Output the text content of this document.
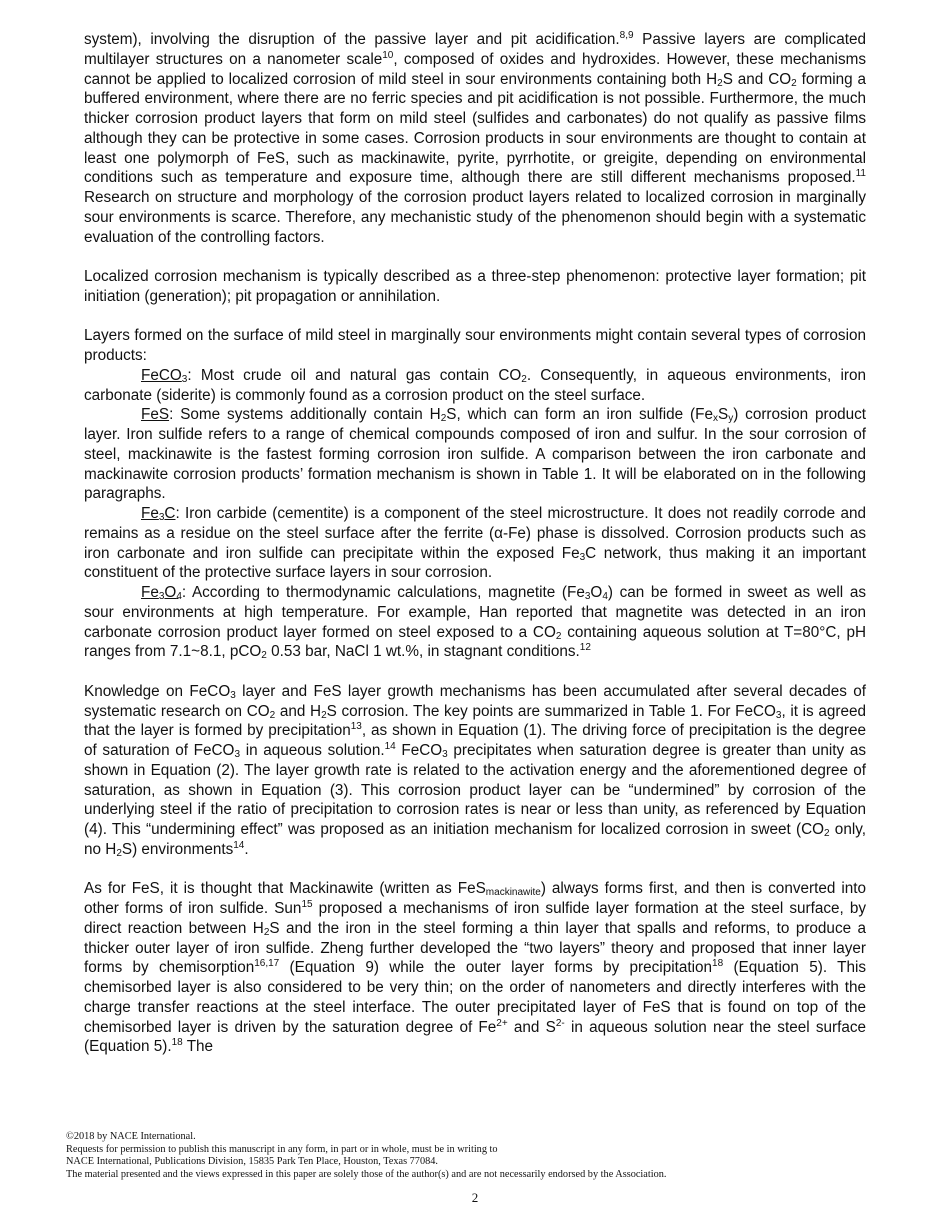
system), involving the disruption of the passive layer and pit acidification.$^{8,9}$ Passive layers are complicated multilayer structures on a nanometer scale$^{10}$, composed of oxides and hydroxides. However, these mechanisms cannot be applied to localized corrosion of mild steel in sour environments containing both $H_2S$ and $CO_2$ forming a buffered environment, where there are no ferric species and pit acidification is not possible. Furthermore, the much thicker corrosion product layers that form on mild steel (sulfides and carbonates) do not qualify as passive films although they can be protective in some cases. Corrosion products in sour environments are thought to contain at least one polymorph of FeS, such as mackinawite, pyrite, pyrrhotite, or greigite, depending on environmental conditions such as temperature and exposure time, although there are still different mechanisms proposed.$^{11}$ Research on structure and morphology of the corrosion product layers related to localized corrosion in marginally sour environments is scarce. Therefore, any mechanistic study of the phenomenon should begin with a systematic evaluation of the controlling factors.

Localized corrosion mechanism is typically described as a three-step phenomenon: protective layer formation; pit initiation (generation); pit propagation or annihilation.

Layers formed on the surface of mild steel in marginally sour environments might contain several types of corrosion products:

FeCO$_3$: Most crude oil and natural gas contain $CO_2$. Consequently, in aqueous environments, iron carbonate (siderite) is commonly found as a corrosion product on the steel surface.

FeS: Some systems additionally contain $H_2S$, which can form an iron sulfide $(Fe_xS_y)$ corrosion product layer. Iron sulfide refers to a range of chemical compounds composed of iron and sulfur. In the sour corrosion of steel, mackinawite is the fastest forming corrosion iron sulfide. A comparison between the iron carbonate and mackinawite corrosion products’ formation mechanism is shown in Table 1. It will be elaborated on in the following paragraphs.

$Fe_3C$: Iron carbide (cementite) is a component of the steel microstructure. It does not readily corrode and remains as a residue on the steel surface after the ferrite (α-Fe) phase is dissolved. Corrosion products such as iron carbonate and iron sulfide can precipitate within the exposed $Fe_3C$ network, thus making it an important constituent of the protective surface layers in sour corrosion.

$Fe_3O_4$: According to thermodynamic calculations, magnetite $(Fe_3O_4)$ can be formed in sweet as well as sour environments at high temperature. For example, Han reported that magnetite was detected in an iron carbonate corrosion product layer formed on steel exposed to a $CO_2$ containing aqueous solution at T=80°C, pH ranges from 7.1~8.1, pCO$_2$ 0.53 bar, NaCl 1 wt.%, in stagnant conditions.$^{12}$

Knowledge on FeCO$_3$ layer and FeS layer growth mechanisms has been accumulated after several decades of systematic research on $CO_2$ and $H_2S$ corrosion. The key points are summarized in Table 1. For FeCO$_3$, it is agreed that the layer is formed by precipitation$^{13}$, as shown in Equation (1). The driving force of precipitation is the degree of saturation of FeCO$_3$ in aqueous solution.$^{14}$ FeCO$_3$ precipitates when saturation degree is greater than unity as shown in Equation (2). The layer growth rate is related to the activation energy and the aforementioned degree of saturation, as shown in Equation (3). This corrosion product layer can be “undermined” by corrosion of the underlying steel if the ratio of precipitation to corrosion rates is near or less than unity, as referenced by Equation (4). This “undermining effect” was proposed as an initiation mechanism for localized corrosion in sweet ($CO_2$ only, no $H_2S$) environments$^{14}$.

As for FeS, it is thought that Mackinawite (written as FeS$_{mackinawite}$) always forms first, and then is converted into other forms of iron sulfide. Sun$^{15}$ proposed a mechanisms of iron sulfide layer formation at the steel surface, by direct reaction between $H_2S$ and the iron in the steel forming a thin layer that spalls and reforms, to produce a thicker outer layer of iron sulfide. Zheng further developed the “two layers” theory and proposed that inner layer forms by chemisorption$^{16,17}$ (Equation 9) while the outer layer forms by precipitation$^{18}$ (Equation 5). This chemisorbed layer is also considered to be very thin; on the order of nanometers and directly interferes with the charge transfer reactions at the steel interface. The outer precipitated layer of FeS that is found on top of the chemisorbed layer is driven by the saturation degree of $Fe^{2+}$ and $S^{2-}$ in aqueous solution near the steel surface (Equation 5).$^{18}$ The

©2018 by NACE International.
Requests for permission to publish this manuscript in any form, in part or in whole, must be in writing to
NACE International, Publications Division, 15835 Park Ten Place, Houston, Texas 77084.
The material presented and the views expressed in this paper are solely those of the author(s) and are not necessarily endorsed by the Association.
2
